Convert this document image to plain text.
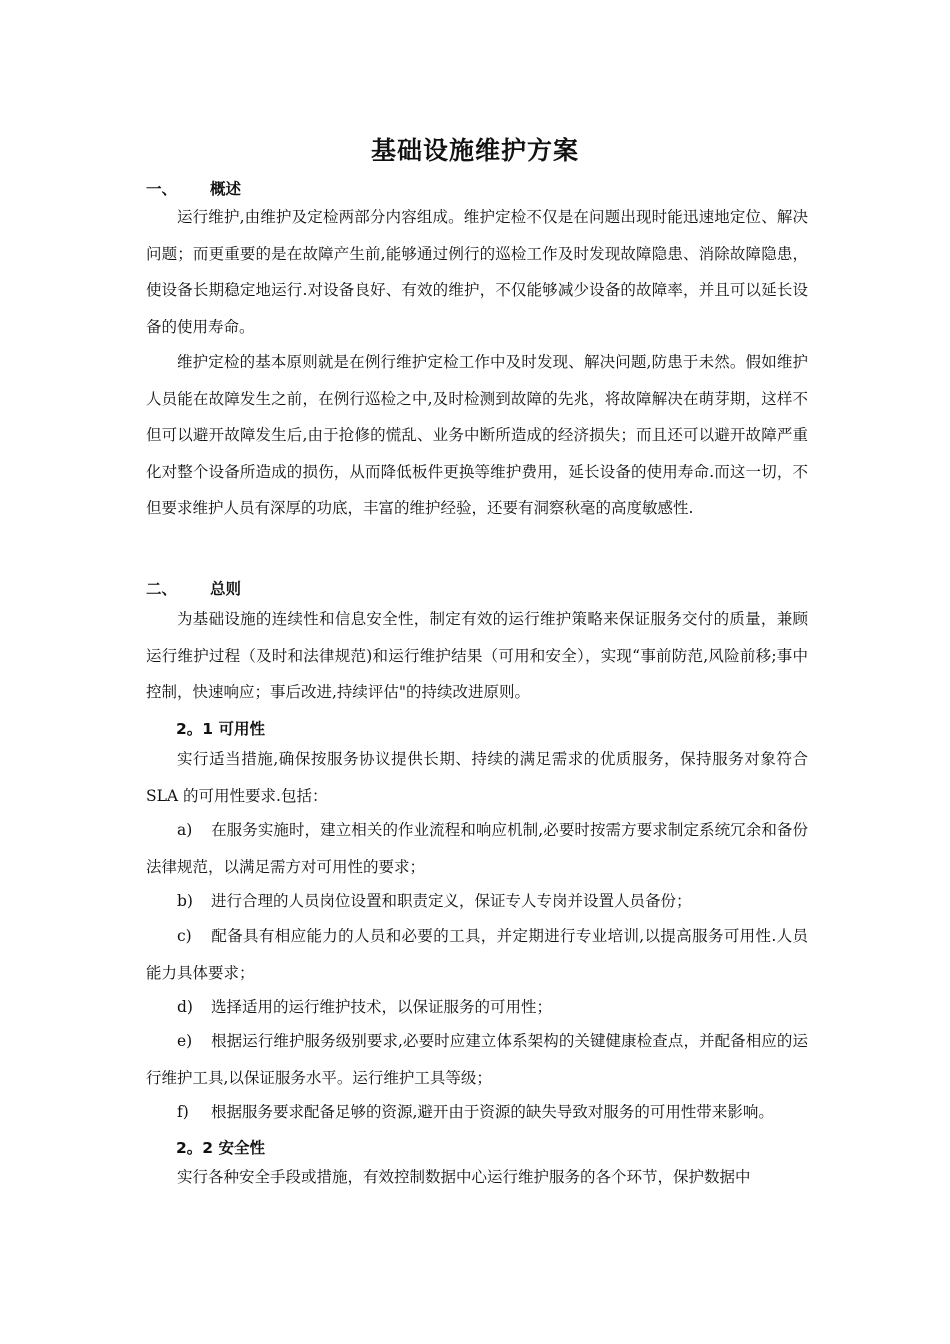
基础设施维护方案
一、 概述
运行维护,由维护及定检两部分内容组成。维护定检不仅是在问题出现时能迅速地定位、解决问题；而更重要的是在故障产生前,能够通过例行的巡检工作及时发现故障隐患、消除故障隐患，使设备长期稳定地运行.对设备良好、有效的维护，不仅能够减少设备的故障率，并且可以延长设备的使用寿命。
维护定检的基本原则就是在例行维护定检工作中及时发现、解决问题,防患于未然。假如维护人员能在故障发生之前，在例行巡检之中,及时检测到故障的先兆，将故障解决在萌芽期，这样不但可以避开故障发生后,由于抢修的慌乱、业务中断所造成的经济损失；而且还可以避开故障严重化对整个设备所造成的损伤，从而降低板件更换等维护费用，延长设备的使用寿命.而这一切，不但要求维护人员有深厚的功底，丰富的维护经验，还要有洞察秋毫的高度敏感性.
二、 总则
为基础设施的连续性和信息安全性，制定有效的运行维护策略来保证服务交付的质量，兼顾运行维护过程（及时和法律规范)和运行维护结果（可用和安全），实现“事前防范,风险前移;事中控制，快速响应；事后改进,持续评估"的持续改进原则。
2。1 可用性
实行适当措施,确保按服务协议提供长期、持续的满足需求的优质服务，保持服务对象符合 SLA 的可用性要求.包括：
a) 在服务实施时，建立相关的作业流程和响应机制,必要时按需方要求制定系统冗余和备份法律规范，以满足需方对可用性的要求；
b) 进行合理的人员岗位设置和职责定义，保证专人专岗并设置人员备份；
c) 配备具有相应能力的人员和必要的工具，并定期进行专业培训,以提高服务可用性.人员能力具体要求；
d) 选择适用的运行维护技术，以保证服务的可用性；
e) 根据运行维护服务级别要求,必要时应建立体系架构的关键健康检查点，并配备相应的运行维护工具,以保证服务水平。运行维护工具等级；
f) 根据服务要求配备足够的资源,避开由于资源的缺失导致对服务的可用性带来影响。
2。2 安全性
实行各种安全手段或措施，有效控制数据中心运行维护服务的各个环节，保护数据中
